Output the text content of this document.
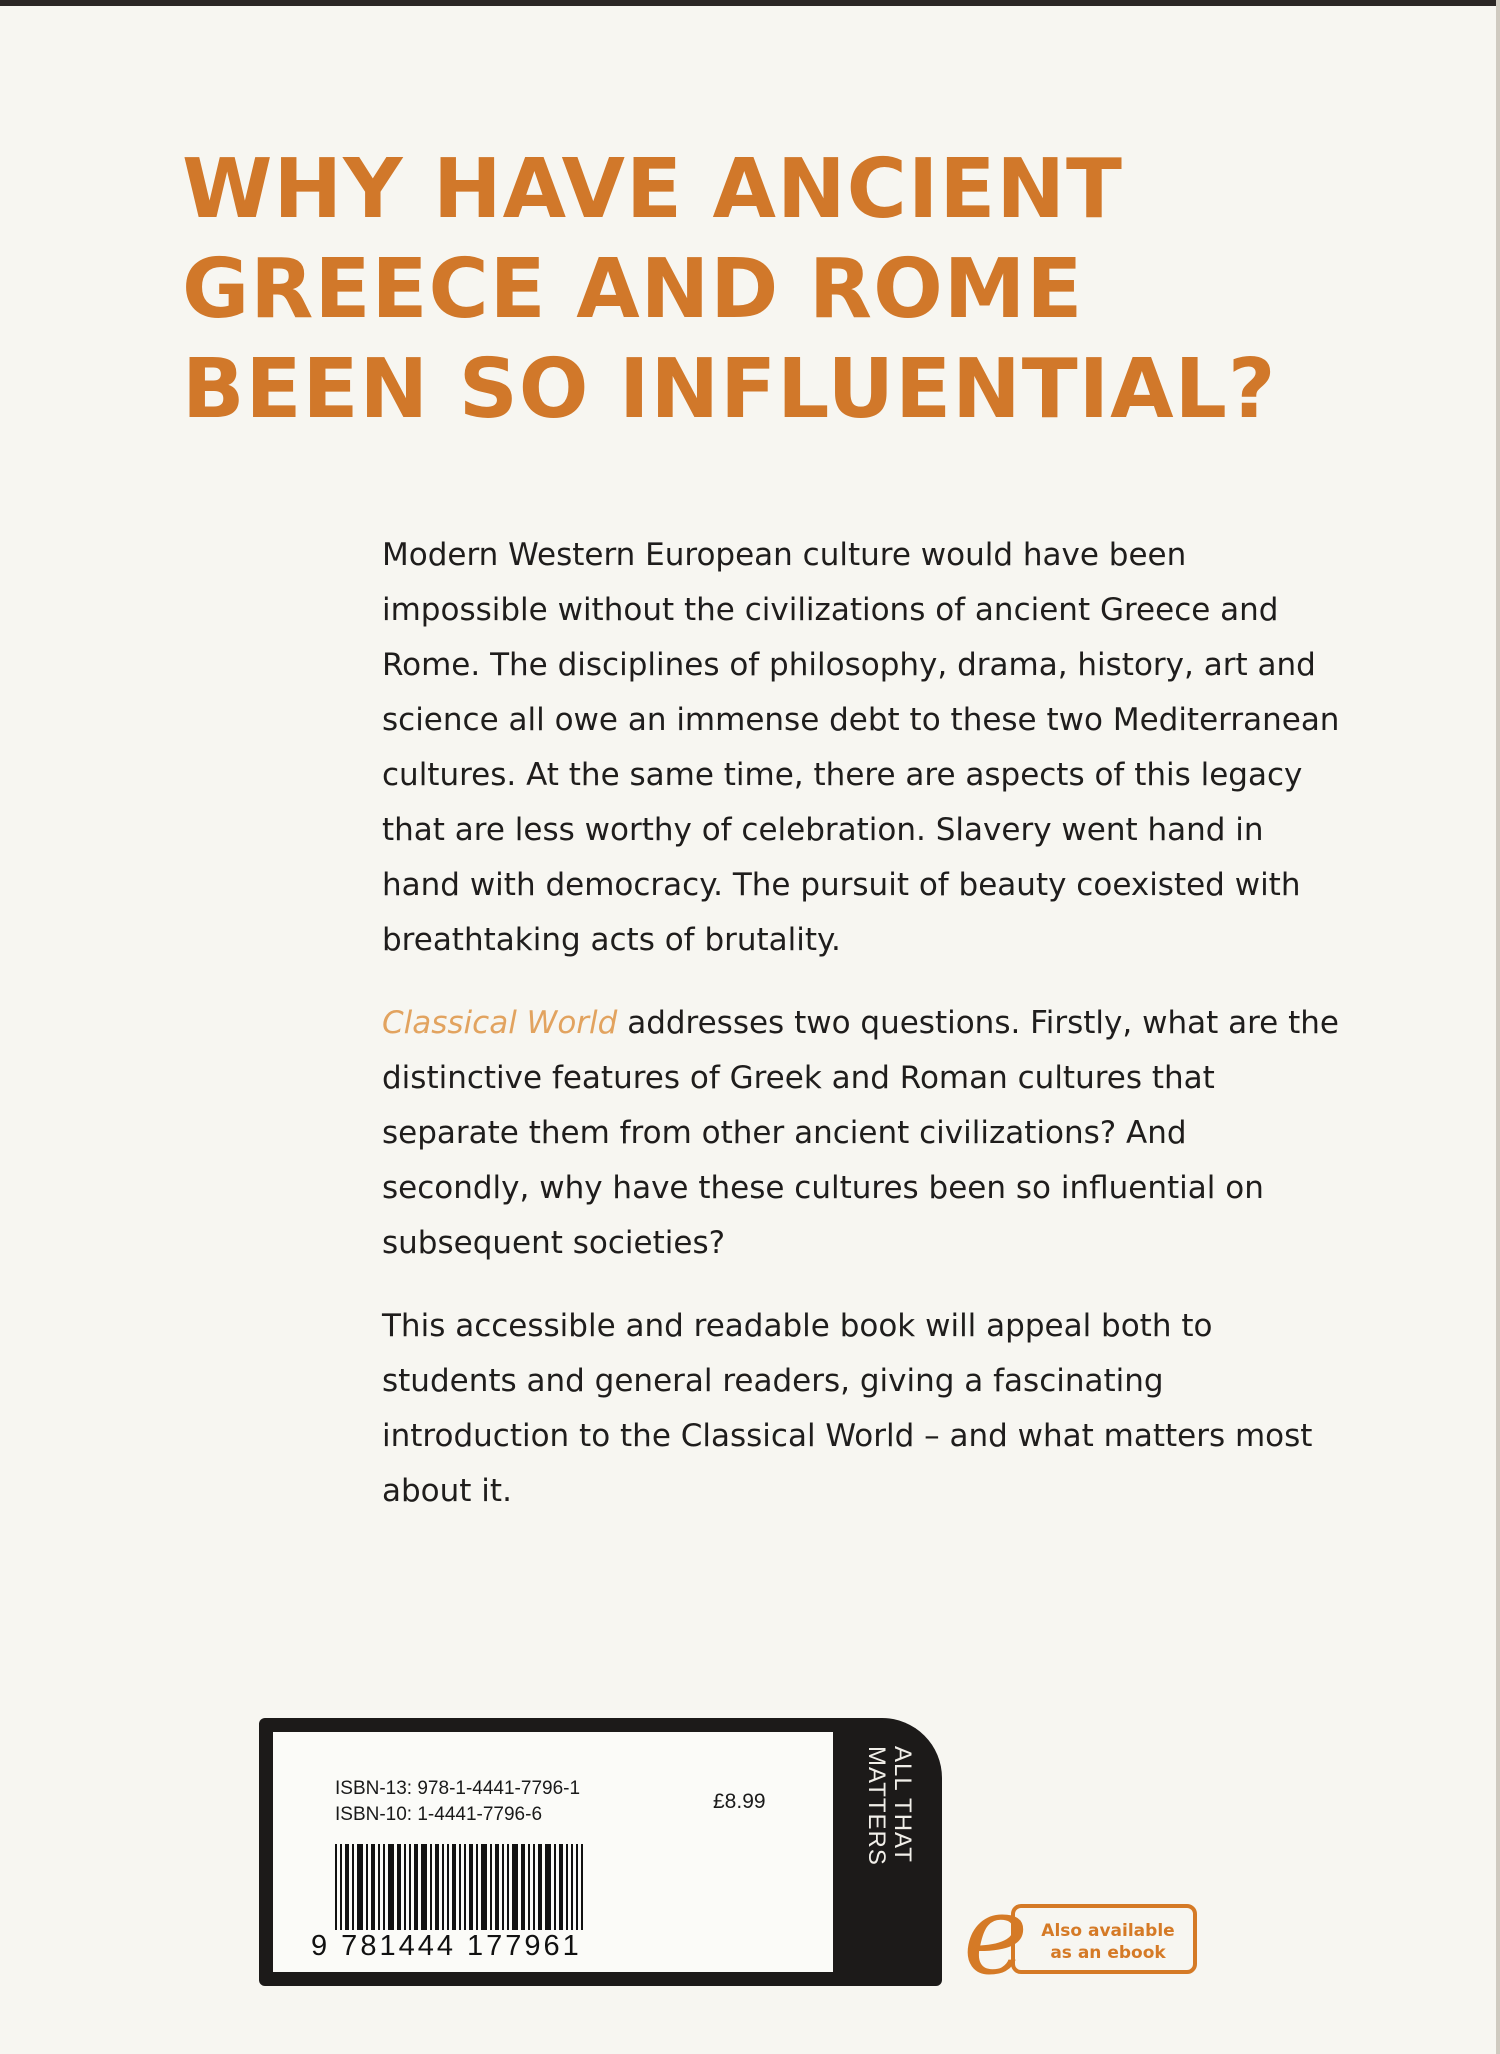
WHY HAVE ANCIENT
GREECE AND ROME
BEEN SO INFLUENTIAL?

Modern Western European culture would have been impossible without the civilizations of ancient Greece and Rome. The disciplines of philosophy, drama, history, art and science all owe an immense debt to these two Mediterranean cultures. At the same time, there are aspects of this legacy that are less worthy of celebration. Slavery went hand in hand with democracy. The pursuit of beauty coexisted with breathtaking acts of brutality.

Classical World addresses two questions. Firstly, what are the distinctive features of Greek and Roman cultures that separate them from other ancient civilizations? And secondly, why have these cultures been so influential on subsequent societies?

This accessible and readable book will appeal both to students and general readers, giving a fascinating introduction to the Classical World – and what matters most about it.

ISBN-13: 978-1-4441-7796-1
ISBN-10: 1-4441-7796-6
£8.99
9 781444 177961
ALL THAT
MATTERS
e Also available
as an ebook
